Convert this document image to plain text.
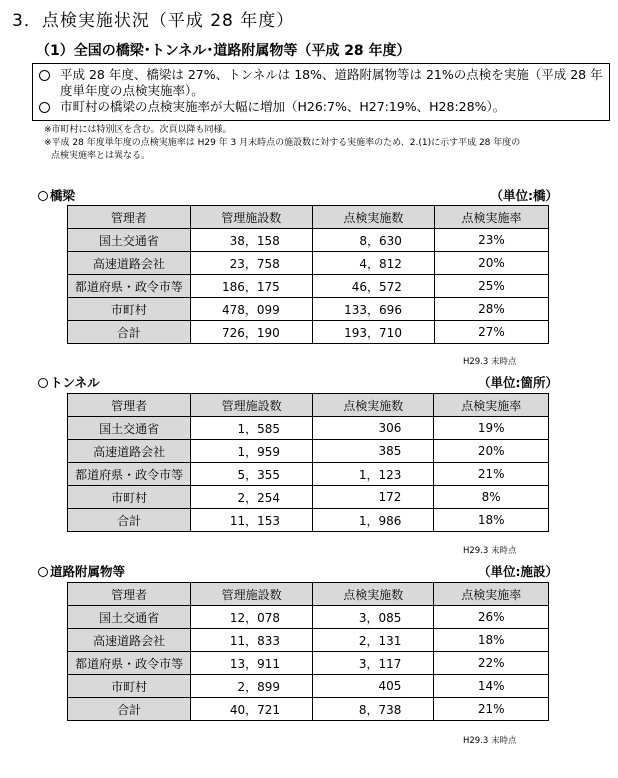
3．点検実施状況（平成 28 年度）
（1）全国の橋梁･トンネル･道路附属物等（平成 28 年度）
平成 28 年度、橋梁は 27%、トンネルは 18%、道路附属物等は 21%の点検を実施（平成 28 年度単年度の点検実施率）。
市町村の橋梁の点検実施率が大幅に増加（H26:7%、H27:19%、H28:28%）。
※市町村には特別区を含む。次頁以降も同様。
※平成 28 年度単年度の点検実施率は H29 年 3 月末時点の施設数に対する実施率のため、2.(1)に示す平成 28 年度の
点検実施率とは異なる。
橋梁	（単位:橋）
管理者	管理施設数	点検実施数	点検実施率
国土交通省	38，158	8，630	23%
高速道路会社	23，758	4，812	20%
都道府県・政令市等	186，175	46，572	25%
市町村	478，099	133，696	28%
合計	726，190	193，710	27%
H29.3 末時点
トンネル	（単位:箇所）
管理者	管理施設数	点検実施数	点検実施率
国土交通省	1，585	306	19%
高速道路会社	1，959	385	20%
都道府県・政令市等	5，355	1，123	21%
市町村	2，254	172	8%
合計	11，153	1，986	18%
H29.3 末時点
道路附属物等	（単位:施設）
管理者	管理施設数	点検実施数	点検実施率
国土交通省	12，078	3，085	26%
高速道路会社	11，833	2，131	18%
都道府県・政令市等	13，911	3，117	22%
市町村	2，899	405	14%
合計	40，721	8，738	21%
H29.3 末時点
